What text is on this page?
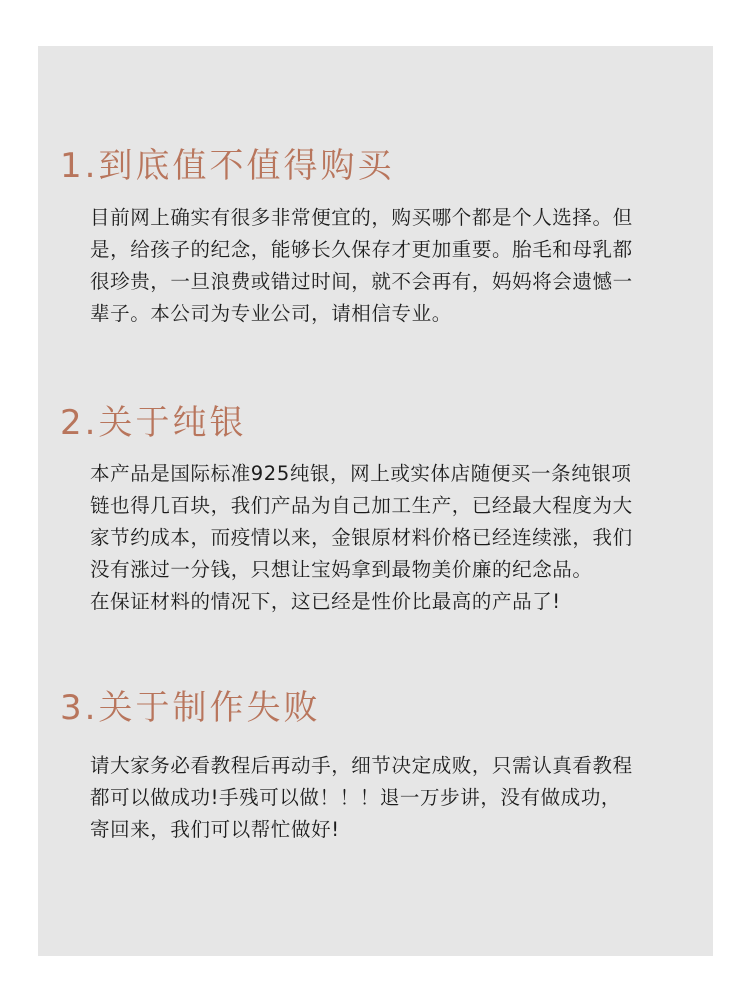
1.到底值不值得购买

目前网上确实有很多非常便宜的，购买哪个都是个人选择。但
是，给孩子的纪念，能够长久保存才更加重要。胎毛和母乳都
很珍贵，一旦浪费或错过时间，就不会再有，妈妈将会遗憾一
辈子。本公司为专业公司，请相信专业。

2.关于纯银

本产品是国际标准925纯银，网上或实体店随便买一条纯银项
链也得几百块，我们产品为自己加工生产，已经最大程度为大
家节约成本，而疫情以来，金银原材料价格已经连续涨，我们
没有涨过一分钱，只想让宝妈拿到最物美价廉的纪念品。
在保证材料的情况下，这已经是性价比最高的产品了!

3.关于制作失败

请大家务必看教程后再动手，细节决定成败，只需认真看教程
都可以做成功!手残可以做！！！退一万步讲，没有做成功，
寄回来，我们可以帮忙做好!
